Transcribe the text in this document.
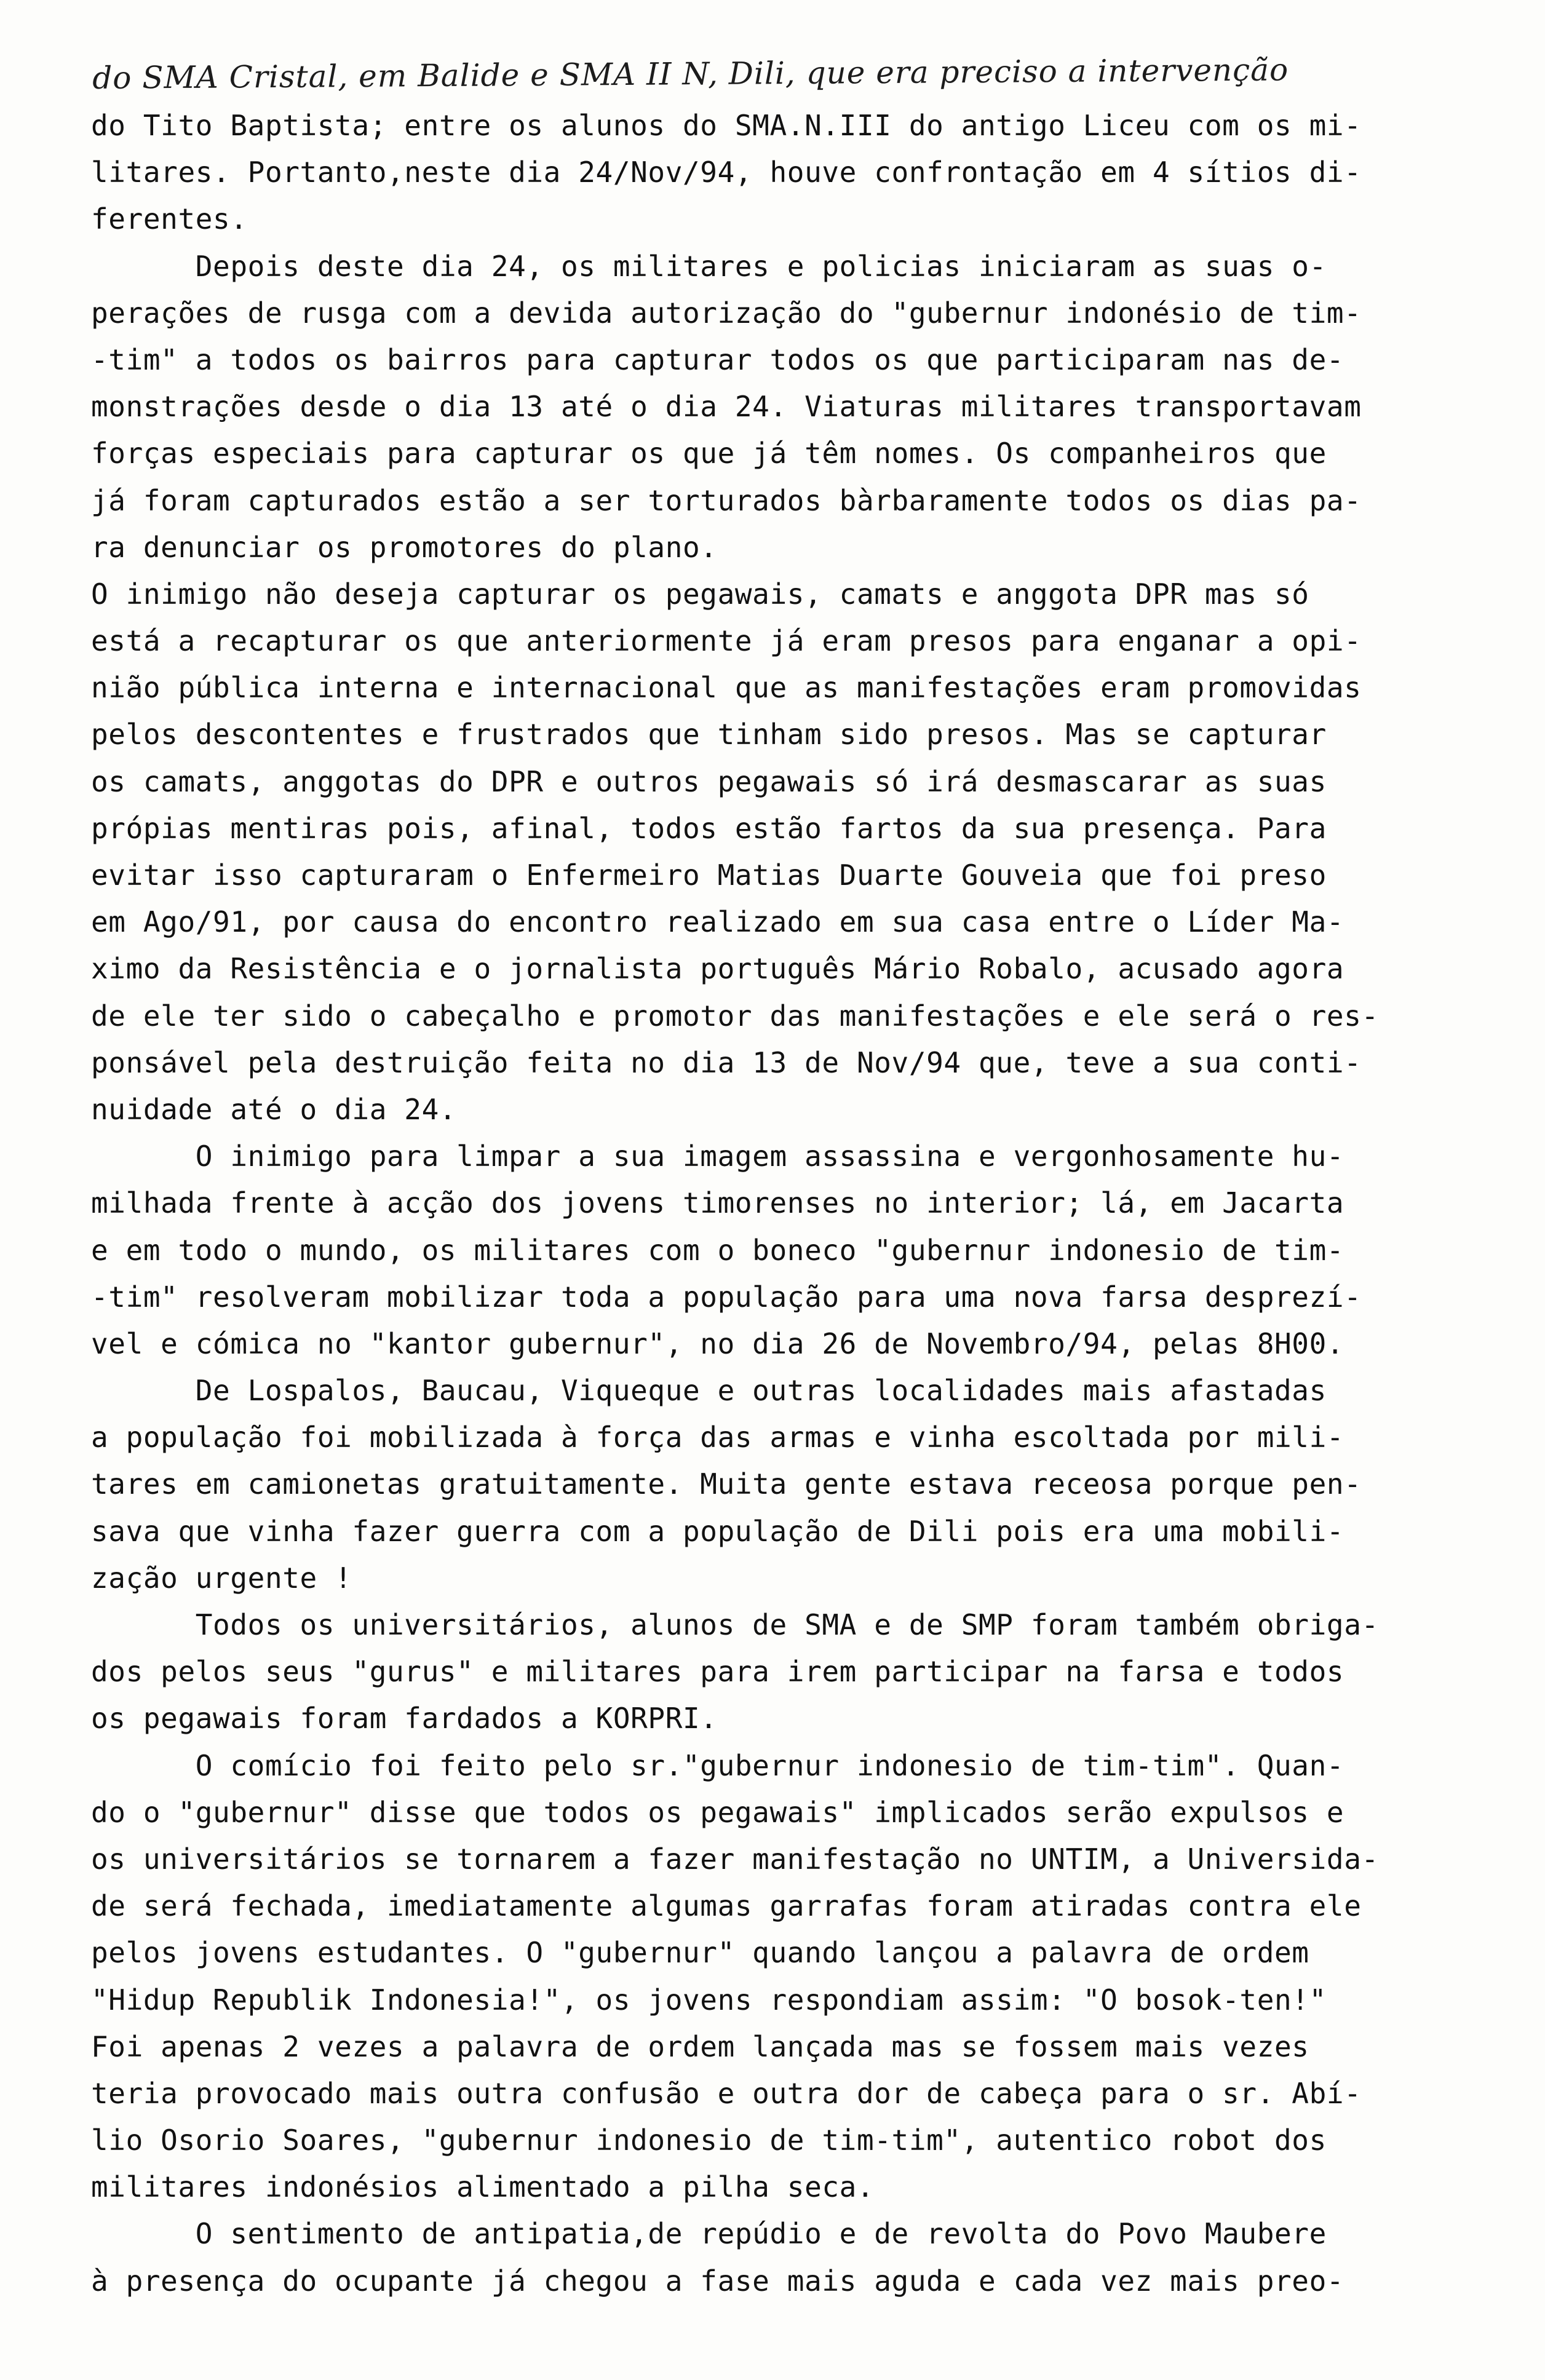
do SMA Cristal, em Balide e SMA II N, Dili, que era preciso a intervenção
do Tito Baptista; entre os alunos do SMA.N.III do antigo Liceu com os mi-
litares. Portanto,neste dia 24/Nov/94, houve confrontação em 4 sítios di-
ferentes.
Depois deste dia 24, os militares e policias iniciaram as suas o-
perações de rusga com a devida autorização do "gubernur indonésio de tim-
-tim" a todos os bairros para capturar todos os que participaram nas de-
monstrações desde o dia 13 até o dia 24. Viaturas militares transportavam
forças especiais para capturar os que já têm nomes. Os companheiros que
já foram capturados estão a ser torturados bàrbaramente todos os dias pa-
ra denunciar os promotores do plano.
O inimigo não deseja capturar os pegawais, camats e anggota DPR mas só
está a recapturar os que anteriormente já eram presos para enganar a opi-
nião pública interna e internacional que as manifestações eram promovidas
pelos descontentes e frustrados que tinham sido presos. Mas se capturar
os camats, anggotas do DPR e outros pegawais só irá desmascarar as suas
própias mentiras pois, afinal, todos estão fartos da sua presença. Para
evitar isso capturaram o Enfermeiro Matias Duarte Gouveia que foi preso
em Ago/91, por causa do encontro realizado em sua casa entre o Líder Ma-
ximo da Resistência e o jornalista português Mário Robalo, acusado agora
de ele ter sido o cabeçalho e promotor das manifestações e ele será o res-
ponsável pela destruição feita no dia 13 de Nov/94 que, teve a sua conti-
nuidade até o dia 24.
O inimigo para limpar a sua imagem assassina e vergonhosamente hu-
milhada frente à acção dos jovens timorenses no interior; lá, em Jacarta
e em todo o mundo, os militares com o boneco "gubernur indonesio de tim-
-tim" resolveram mobilizar toda a população para uma nova farsa desprezí-
vel e cómica no "kantor gubernur", no dia 26 de Novembro/94, pelas 8H00.
De Lospalos, Baucau, Viqueque e outras localidades mais afastadas
a população foi mobilizada à força das armas e vinha escoltada por mili-
tares em camionetas gratuitamente. Muita gente estava receosa porque pen-
sava que vinha fazer guerra com a população de Dili pois era uma mobili-
zação urgente !
Todos os universitários, alunos de SMA e de SMP foram também obriga-
dos pelos seus "gurus" e militares para irem participar na farsa e todos
os pegawais foram fardados a KORPRI.
O comício foi feito pelo sr."gubernur indonesio de tim-tim". Quan-
do o "gubernur" disse que todos os pegawais" implicados serão expulsos e
os universitários se tornarem a fazer manifestação no UNTIM, a Universida-
de será fechada, imediatamente algumas garrafas foram atiradas contra ele
pelos jovens estudantes. O "gubernur" quando lançou a palavra de ordem
"Hidup Republik Indonesia!", os jovens respondiam assim: "O bosok-ten!"
Foi apenas 2 vezes a palavra de ordem lançada mas se fossem mais vezes
teria provocado mais outra confusão e outra dor de cabeça para o sr. Abí-
lio Osorio Soares, "gubernur indonesio de tim-tim", autentico robot dos
militares indonésios alimentado a pilha seca.
O sentimento de antipatia,de repúdio e de revolta do Povo Maubere
à presença do ocupante já chegou a fase mais aguda e cada vez mais preo-
